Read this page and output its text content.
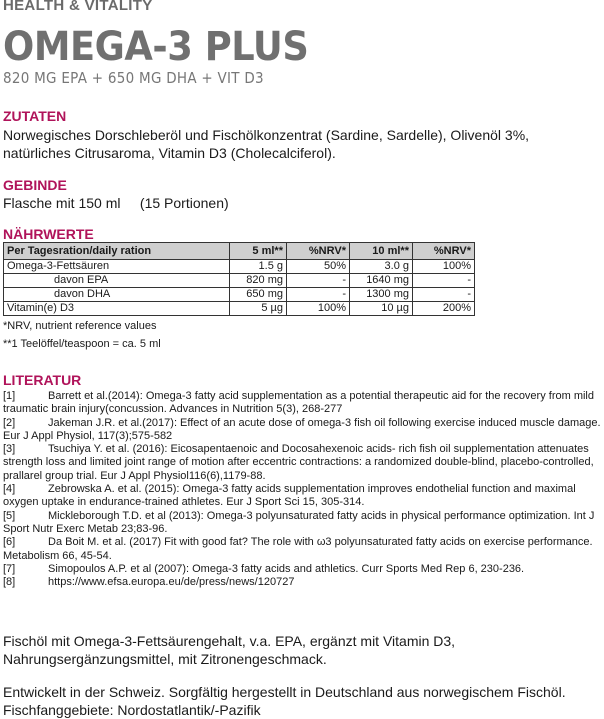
HEALTH & VITALITY
OMEGA-3 PLUS
820 MG EPA + 650 MG DHA + VIT D3
ZUTATEN
Norwegisches Dorschleberöl und Fischölkonzentrat (Sardine, Sardelle), Olivenöl 3%, natürliches Citrusaroma, Vitamin D3 (Cholecalciferol).
GEBINDE
Flasche mit 150 ml     (15 Portionen)
NÄHRWERTE
Per Tagesration/daily ration	5 ml**	%NRV*	10 ml**	%NRV*
Omega-3-Fettsäuren	1.5 g	50%	3.0 g	100%
davon EPA	820 mg	-	1640 mg	-
davon DHA	650 mg	-	1300 mg	-
Vitamin(e) D3	5 µg	100%	10 µg	200%
*NRV, nutrient reference values
**1 Teelöffel/teaspoon = ca. 5 ml
LITERATUR
[1]	Barrett et al.(2014): Omega-3 fatty acid supplementation as a potential therapeutic aid for the recovery from mild traumatic brain injury(concussion. Advances in Nutrition 5(3), 268-277
[2]	Jakeman J.R. et al.(2017): Effect of an acute dose of omega-3 fish oil following exercise induced muscle damage. Eur J Appl Physiol, 117(3);575-582
[3]	Tsuchiya Y. et al. (2016): Eicosapentaenoic and Docosahexenoic acids- rich fish oil supplementation attenuates strength loss and limited joint range of motion after eccentric contractions: a randomized double-blind, placebo-controlled, prallarel group trial. Eur J Appl Physiol116(6),1179-88.
[4]	Zebrowska A. et al. (2015): Omega-3 fatty acids supplementation improves endothelial function and maximal oxygen uptake in endurance-trained athletes. Eur J Sport Sci 15, 305-314.
[5]	Mickleborough T.D. et al (2013): Omega-3 polyunsaturated fatty acids in physical performance optimization. Int J Sport Nutr Exerc Metab 23;83-96.
[6]	Da Boit M. et al. (2017) Fit with good fat? The role with ω3 polyunsaturated fatty acids on exercise performance. Metabolism 66, 45-54.
[7]	Simopoulos A.P. et al (2007): Omega-3 fatty acids and athletics. Curr Sports Med Rep 6, 230-236.
[8]	https://www.efsa.europa.eu/de/press/news/120727
Fischöl mit Omega-3-Fettsäurengehalt, v.a. EPA, ergänzt mit Vitamin D3, Nahrungsergänzungsmittel, mit Zitronengeschmack.
Entwickelt in der Schweiz. Sorgfältig hergestellt in Deutschland aus norwegischem Fischöl. Fischfanggebiete: Nordostatlantik/-Pazifik
